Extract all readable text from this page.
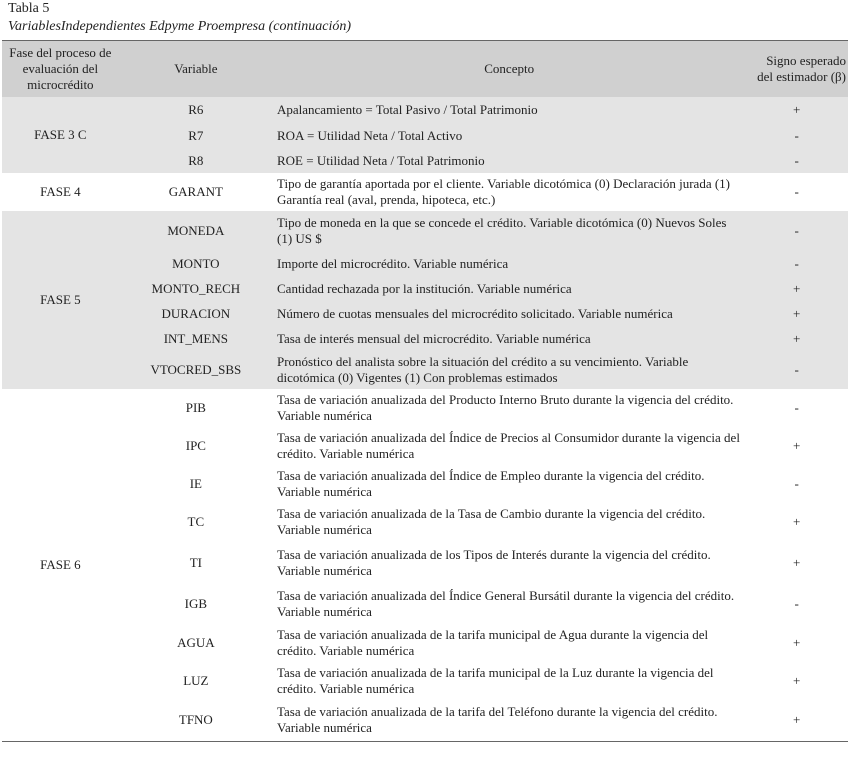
Tabla 5
VariablesIndependientes Edpyme Proempresa (continuación)
Fase del proceso de evaluación del microcrédito	Variable	Concepto	Signo esperado del estimador (β)
FASE 3 C	R6	Apalancamiento = Total Pasivo / Total Patrimonio	+
	R7	ROA = Utilidad Neta / Total Activo	-
	R8	ROE = Utilidad Neta / Total Patrimonio	-
FASE 4	GARANT	Tipo de garantía aportada por el cliente. Variable dicotómica (0) Declaración jurada (1) Garantía real (aval, prenda, hipoteca, etc.)	-
FASE 5	MONEDA	Tipo de moneda en la que se concede el crédito. Variable dicotómica (0) Nuevos Soles (1) US $	-
	MONTO	Importe del microcrédito. Variable numérica	-
	MONTO_RECH	Cantidad rechazada por la institución. Variable numérica	+
	DURACION	Número de cuotas mensuales del microcrédito solicitado. Variable numérica	+
	INT_MENS	Tasa de interés mensual del microcrédito. Variable numérica	+
	VTOCRED_SBS	Pronóstico del analista sobre la situación del crédito a su vencimiento. Variable dicotómica (0) Vigentes (1) Con problemas estimados	-
FASE 6	PIB	Tasa de variación anualizada del Producto Interno Bruto durante la vigencia del crédito. Variable numérica	-
	IPC	Tasa de variación anualizada del Índice de Precios al Consumidor durante la vigencia del crédito. Variable numérica	+
	IE	Tasa de variación anualizada del Índice de Empleo durante la vigencia del crédito. Variable numérica	-
	TC	Tasa de variación anualizada de la Tasa de Cambio durante la vigencia del crédito. Variable numérica	+
	TI	Tasa de variación anualizada de los Tipos de Interés durante la vigencia del crédito. Variable numérica	+
	IGB	Tasa de variación anualizada del Índice General Bursátil durante la vigencia del crédito. Variable numérica	-
	AGUA	Tasa de variación anualizada de la tarifa municipal de Agua durante la vigencia del crédito. Variable numérica	+
	LUZ	Tasa de variación anualizada de la tarifa municipal de la Luz durante la vigencia del crédito. Variable numérica	+
	TFNO	Tasa de variación anualizada de la tarifa del Teléfono durante la vigencia del crédito. Variable numérica	+
